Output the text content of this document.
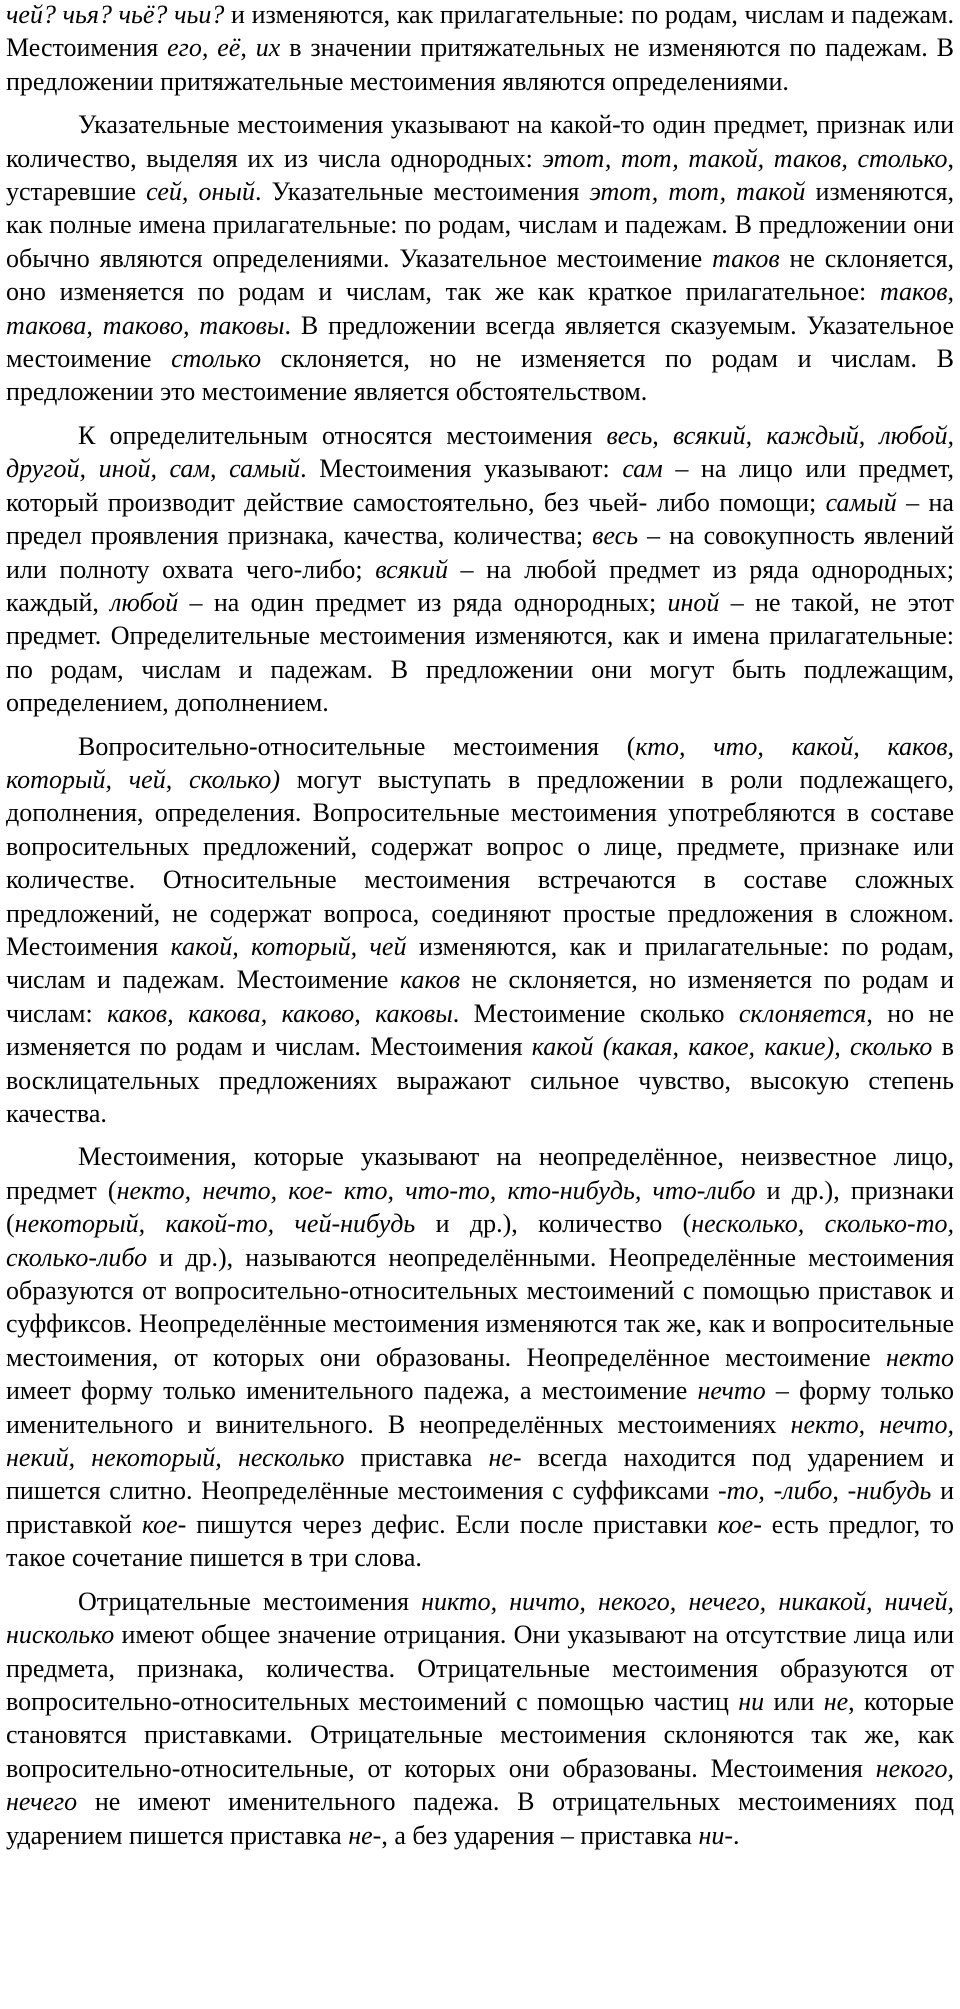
чей? чья? чьё? чьи? и изменяются, как прилагательные: по родам, числам и падежам. Местоимения его, её, их в значении притяжательных не изменяются по падежам. В предложении притяжательные местоимения являются определениями.

Указательные местоимения указывают на какой-то один предмет, признак или количество, выделяя их из числа однородных: этот, тот, такой, таков, столько, устаревшие сей, оный. Указательные местоимения этот, тот, такой изменяются, как полные имена прилагательные: по родам, числам и падежам. В предложении они обычно являются определениями. Указательное местоимение таков не склоняется, оно изменяется по родам и числам, так же как краткое прилагательное: таков, такова, таково, таковы. В предложении всегда является сказуемым. Указательное местоимение столько склоняется, но не изменяется по родам и числам. В предложении это местоимение является обстоятельством.

К определительным относятся местоимения весь, всякий, каждый, любой, другой, иной, сам, самый. Местоимения указывают: сам – на лицо или предмет, который производит действие самостоятельно, без чьей- либо помощи; самый – на предел проявления признака, качества, количества; весь – на совокупность явлений или полноту охвата чего-либо; всякий – на любой предмет из ряда однородных; каждый, любой – на один предмет из ряда однородных; иной – не такой, не этот предмет. Определительные местоимения изменяются, как и имена прилагательные: по родам, числам и падежам. В предложении они могут быть подлежащим, определением, дополнением.

Вопросительно-относительные местоимения (кто, что, какой, каков, который, чей, сколько) могут выступать в предложении в роли подлежащего, дополнения, определения. Вопросительные местоимения употребляются в составе вопросительных предложений, содержат вопрос о лице, предмете, признаке или количестве. Относительные местоимения встречаются в составе сложных предложений, не содержат вопроса, соединяют простые предложения в сложном. Местоимения какой, который, чей изменяются, как и прилагательные: по родам, числам и падежам. Местоимение каков не склоняется, но изменяется по родам и числам: каков, какова, каково, каковы. Местоимение сколько склоняется, но не изменяется по родам и числам. Местоимения какой (какая, какое, какие), сколько в восклицательных предложениях выражают сильное чувство, высокую степень качества.

Местоимения, которые указывают на неопределённое, неизвестное лицо, предмет (некто, нечто, кое- кто, что-то, кто-нибудь, что-либо и др.), признаки (некоторый, какой-то, чей-нибудь и др.), количество (несколько, сколько-то, сколько-либо и др.), называются неопределёнными. Неопределённые местоимения образуются от вопросительно-относительных местоимений с помощью приставок и суффиксов. Неопределённые местоимения изменяются так же, как и вопросительные местоимения, от которых они образованы. Неопределённое местоимение некто имеет форму только именительного падежа, а местоимение нечто – форму только именительного и винительного. В неопределённых местоимениях некто, нечто, некий, некоторый, несколько приставка не- всегда находится под ударением и пишется слитно. Неопределённые местоимения с суффиксами -то, -либо, -нибудь и приставкой кое- пишутся через дефис. Если после приставки кое- есть предлог, то такое сочетание пишется в три слова.

Отрицательные местоимения никто, ничто, некого, нечего, никакой, ничей, нисколько имеют общее значение отрицания. Они указывают на отсутствие лица или предмета, признака, количества. Отрицательные местоимения образуются от вопросительно-относительных местоимений с помощью частиц ни или не, которые становятся приставками. Отрицательные местоимения склоняются так же, как вопросительно-относительные, от которых они образованы. Местоимения некого, нечего не имеют именительного падежа. В отрицательных местоимениях под ударением пишется приставка не-, а без ударения – приставка ни-.
